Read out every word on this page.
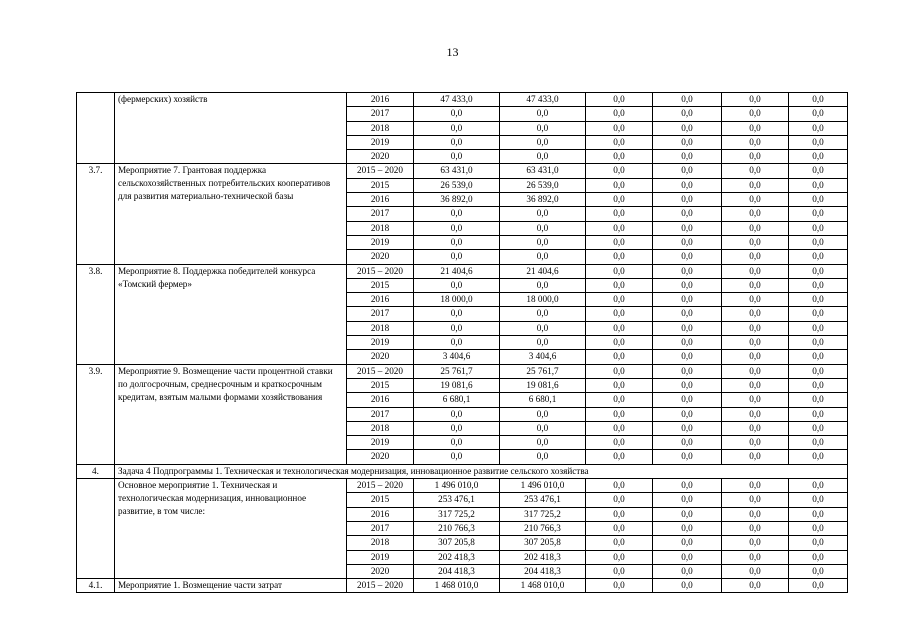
13
	(фермерских) хозяйств	2016	47 433,0	47 433,0	0,0	0,0	0,0	0,0
		2017	0,0	0,0	0,0	0,0	0,0	0,0
		2018	0,0	0,0	0,0	0,0	0,0	0,0
		2019	0,0	0,0	0,0	0,0	0,0	0,0
		2020	0,0	0,0	0,0	0,0	0,0	0,0
3.7.	Мероприятие 7. Грантовая поддержка сельскохозяйственных потребительских кооперативов для развития материально-технической базы	2015 – 2020	63 431,0	63 431,0	0,0	0,0	0,0	0,0
		2015	26 539,0	26 539,0	0,0	0,0	0,0	0,0
		2016	36 892,0	36 892,0	0,0	0,0	0,0	0,0
		2017	0,0	0,0	0,0	0,0	0,0	0,0
		2018	0,0	0,0	0,0	0,0	0,0	0,0
		2019	0,0	0,0	0,0	0,0	0,0	0,0
		2020	0,0	0,0	0,0	0,0	0,0	0,0
3.8.	Мероприятие 8. Поддержка победителей конкурса «Томский фермер»	2015 – 2020	21 404,6	21 404,6	0,0	0,0	0,0	0,0
		2015	0,0	0,0	0,0	0,0	0,0	0,0
		2016	18 000,0	18 000,0	0,0	0,0	0,0	0,0
		2017	0,0	0,0	0,0	0,0	0,0	0,0
		2018	0,0	0,0	0,0	0,0	0,0	0,0
		2019	0,0	0,0	0,0	0,0	0,0	0,0
		2020	3 404,6	3 404,6	0,0	0,0	0,0	0,0
3.9.	Мероприятие 9. Возмещение части процентной ставки по долгосрочным, среднесрочным и краткосрочным кредитам, взятым малыми формами хозяйствования	2015 – 2020	25 761,7	25 761,7	0,0	0,0	0,0	0,0
		2015	19 081,6	19 081,6	0,0	0,0	0,0	0,0
		2016	6 680,1	6 680,1	0,0	0,0	0,0	0,0
		2017	0,0	0,0	0,0	0,0	0,0	0,0
		2018	0,0	0,0	0,0	0,0	0,0	0,0
		2019	0,0	0,0	0,0	0,0	0,0	0,0
		2020	0,0	0,0	0,0	0,0	0,0	0,0
4.	Задача 4 Подпрограммы 1. Техническая и технологическая модернизация, инновационное развитие сельского хозяйства							
	Основное мероприятие 1. Техническая и технологическая модернизация, инновационное развитие, в том числе:	2015 – 2020	1 496 010,0	1 496 010,0	0,0	0,0	0,0	0,0
		2015	253 476,1	253 476,1	0,0	0,0	0,0	0,0
		2016	317 725,2	317 725,2	0,0	0,0	0,0	0,0
		2017	210 766,3	210 766,3	0,0	0,0	0,0	0,0
		2018	307 205,8	307 205,8	0,0	0,0	0,0	0,0
		2019	202 418,3	202 418,3	0,0	0,0	0,0	0,0
		2020	204 418,3	204 418,3	0,0	0,0	0,0	0,0
4.1.	Мероприятие 1. Возмещение части затрат	2015 – 2020	1 468 010,0	1 468 010,0	0,0	0,0	0,0	0,0
